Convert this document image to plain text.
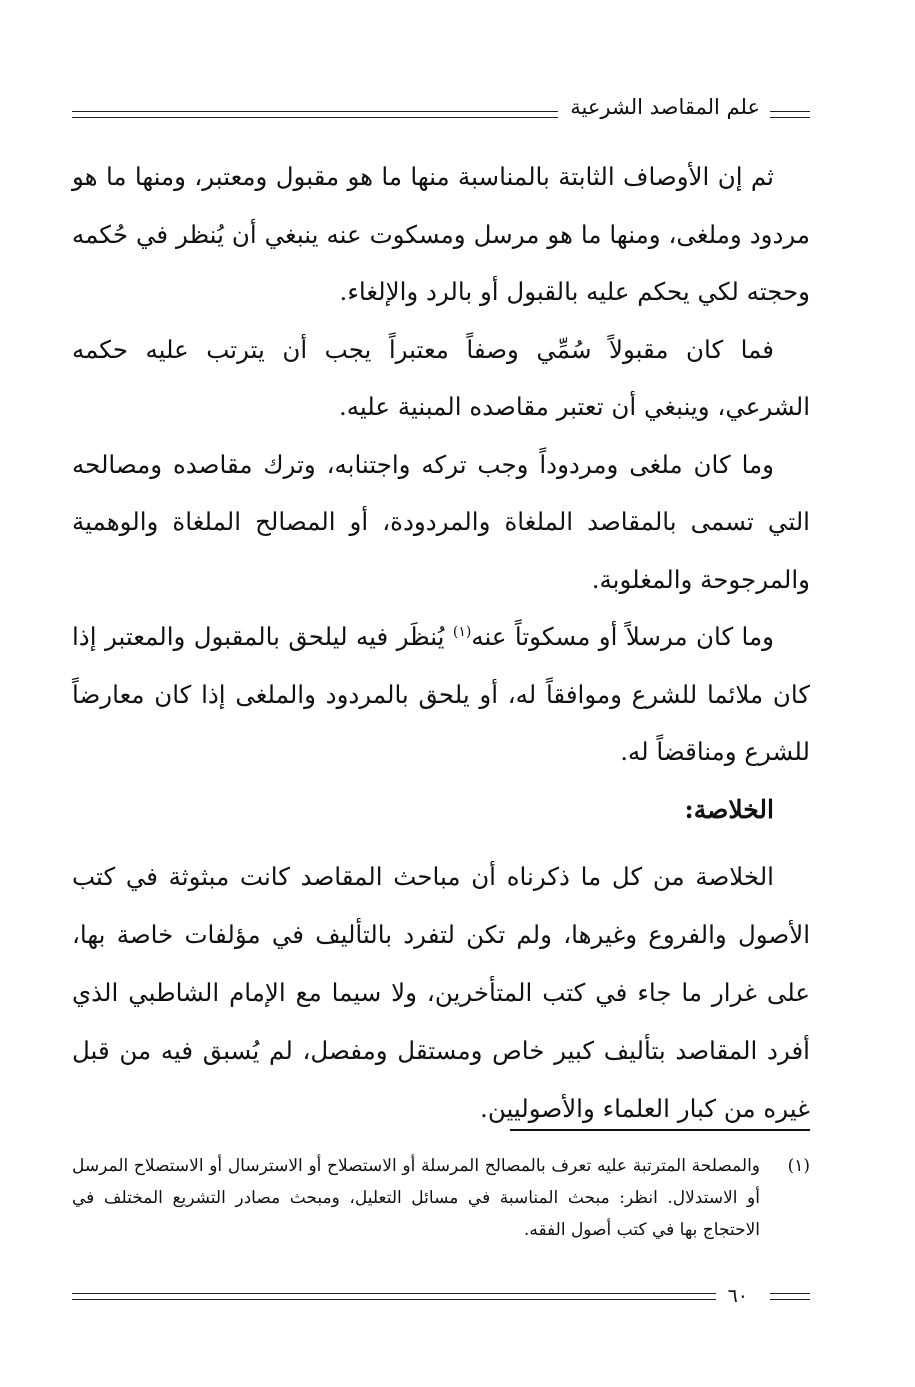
علم المقاصد الشرعية

ثم إن الأوصاف الثابتة بالمناسبة منها ما هو مقبول ومعتبر، ومنها ما هو مردود وملغى، ومنها ما هو مرسل ومسكوت عنه ينبغي أن يُنظر في حُكمه وحجته لكي يحكم عليه بالقبول أو بالرد والإلغاء.

فما كان مقبولاً سُمِّي وصفاً معتبراً يجب أن يترتب عليه حكمه الشرعي، وينبغي أن تعتبر مقاصده المبنية عليه.

وما كان ملغى ومردوداً وجب تركه واجتنابه، وترك مقاصده ومصالحه التي تسمى بالمقاصد الملغاة والمردودة، أو المصالح الملغاة والوهمية والمرجوحة والمغلوبة.

وما كان مرسلاً أو مسكوتاً عنه$^{(١)}$ يُنظَر فيه ليلحق بالمقبول والمعتبر إذا كان ملائما للشرع وموافقاً له، أو يلحق بالمردود والملغى إذا كان معارضاً للشرع ومناقضاً له.

الخلاصة:

الخلاصة من كل ما ذكرناه أن مباحث المقاصد كانت مبثوثة في كتب الأصول والفروع وغيرها، ولم تكن لتفرد بالتأليف في مؤلفات خاصة بها، على غرار ما جاء في كتب المتأخرين، ولا سيما مع الإمام الشاطبي الذي أفرد المقاصد بتأليف كبير خاص ومستقل ومفصل، لم يُسبق فيه من قبل غيره من كبار العلماء والأصوليين.

(١)
والمصلحة المترتبة عليه تعرف بالمصالح المرسلة أو الاستصلاح أو الاسترسال أو الاستصلاح المرسل أو الاستدلال. انظر: مبحث المناسبة في مسائل التعليل، ومبحث مصادر التشريع المختلف في الاحتجاج بها في كتب أصول الفقه.
٦٠
